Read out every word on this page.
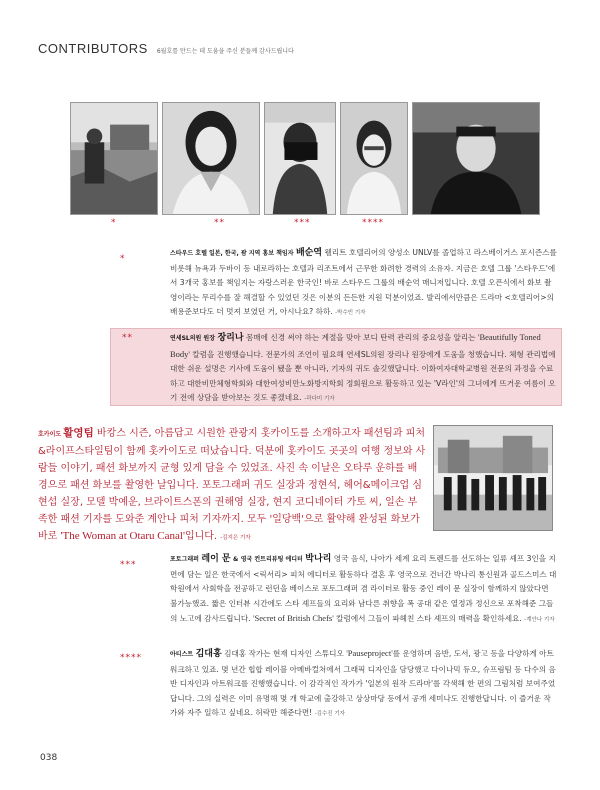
CONTRIBUTORS 6월호를 만드는 데 도움을 주신 분들께 감사드립니다
*	**	***	****
*
스타우드 호텔 일본, 한국, 괌 지역 홍보 책임자 배순역 웰리트 호텔리어의 양성소 UNLV를 졸업하고 라스베이거스 포시즌스를 비롯해 뉴욕과 두바이 등 내로라하는 호텔과 리조트에서 근무한 화려한 경력의 소유자. 지금은 호텔 그룹 '스타우드'에서 3개국 홍보를 책임지는 자랑스러운 한국인! 바로 스타우드 그룹의 배순억 매니저입니다. 호텔 오픈식에서 화보 촬영이라는 무리수를 잘 해결할 수 있었던 것은 이분의 든든한 지원 덕분이었죠. 발리에서만큼은 드라마 <호텔리어>의 배용준보다도 더 멋져 보였던 거, 아시나요? 하하. -박수빈 기자
**	연세SL의원 원장 장리나 몸매에 신경 써야 하는 계절을 맞아 보디 탄력 관리의 중요성을 알리는 'Beautifully Toned Body' 칼럼을 진행했습니다. 전문가의 조언이 필요해 연세SL의원 장리나 원장에게 도움을 청했습니다. 체형 관리법에 대한 쉬운 설명은 기사에 도움이 됐을 뿐 아니라, 기자의 귀도 솔깃했답니다. 이화여자대학교병원 전문의 과정을 수료하고 대한비만체형학회와 대한여성비만노화방지학회 정회원으로 활동하고 있는 'V라인'의 그녀에게 뜨거운 여름이 오기 전에 상담을 받아보는 것도 좋겠네요. -곽다미 기자
호카이도 활영팀 바캉스 시즌, 아름답고 시원한 관광지 홋카이도를 소개하고자 패션팀과 피처&라이프스타일팀이 함께 홋카이도로 떠났습니다. 덕분에 홋카이도 곳곳의 여행 정보와 사람들 이야기, 패션 화보까지 균형 있게 담을 수 있었죠. 사진 속 이날은 오타루 운하를 배경으로 패션 화보를 촬영한 날입니다. 포토그래퍼 귀도 실장과 정현석, 헤어&메이크업 심현섭 실장, 모델 박예운, 브라이트스폰의 권해영 실장, 현지 코디네이터 가토 씨, 일손 부족한 패션 기자를 도와준 계안나 피처 기자까지. 모두 '일당백'으로 활약해 완성된 화보가 바로 'The Woman at Otaru Canal'입니다. -김지은 기자
***
포토그래퍼 레이 문 & 영국 컨트리뷰팅 에디터 박나리 영국 음식, 나아가 세계 요리 트렌드를 선도하는 일류 셰프 3인을 지면에 담는 일은 한국에서 <릭서리> 피처 에디터로 활동하다 결혼 후 영국으로 건너간 박나리 통신원과 골드스미스 대학원에서 사회학을 전공하고 런던을 베이스로 포토그래퍼 겸 라이터로 활동 중인 레이 문 실장이 함께하지 않았다면 불가능했죠. 짧은 인터뷰 시간에도 스타 셰프들의 요리와 남다른 취향을 폭 공대 같은 열정과 정신으로 포착해준 그들의 노고에 감사드립니다. 'Secret of British Chefs' 칼럼에서 그들이 파헤친 스타 셰프의 매력을 확인하세요. -계안나 기자
****	아티스트 김대홍 김대홍 작가는 현재 디자인 스튜디오 'Pauseproject'를 운영하며 음반, 도서, 광고 등을 다양하게 아트워크하고 있죠. 몇 년간 힙합 레이블 아메바컬쳐에서 그래픽 디자인을 담당했고 다이나믹 듀오, 슈프림팀 등 다수의 음반 디자인과 아트워크를 진행했습니다. 이 감각적인 작가가 '일본의 원작 드라마'를 각색해 한 편의 그림처럼 보여주었답니다. 그의 실력은 이미 유명해 몇 개 학교에 출강하고 상상마당 등에서 공개 세미나도 진행한답니다. 이 즐거운 작가와 자주 일하고 싶네요. 허락만 해준다면! -김수진 기자
038
